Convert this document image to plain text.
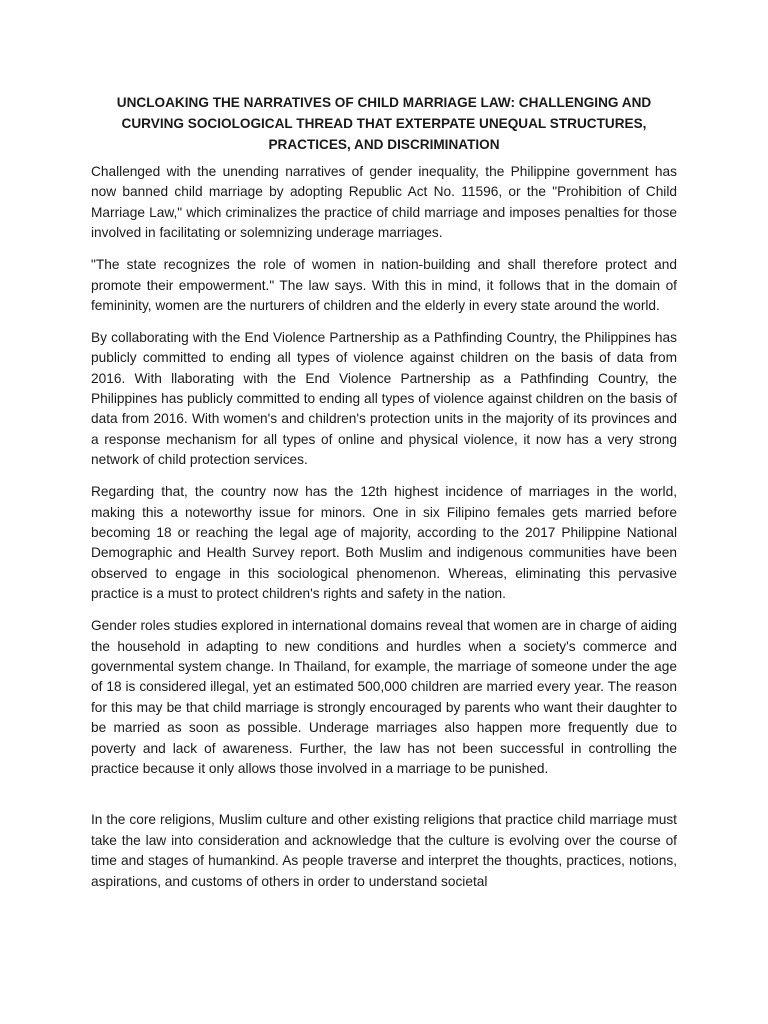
UNCLOAKING THE NARRATIVES OF CHILD MARRIAGE LAW: CHALLENGING AND CURVING SOCIOLOGICAL THREAD THAT EXTERPATE UNEQUAL STRUCTURES, PRACTICES, AND DISCRIMINATION

Challenged with the unending narratives of gender inequality, the Philippine government has now banned child marriage by adopting Republic Act No. 11596, or the "Prohibition of Child Marriage Law," which criminalizes the practice of child marriage and imposes penalties for those involved in facilitating or solemnizing underage marriages.

"The state recognizes the role of women in nation-building and shall therefore protect and promote their empowerment." The law says. With this in mind, it follows that in the domain of femininity, women are the nurturers of children and the elderly in every state around the world.

By collaborating with the End Violence Partnership as a Pathfinding Country, the Philippines has publicly committed to ending all types of violence against children on the basis of data from 2016. With llaborating with the End Violence Partnership as a Pathfinding Country, the Philippines has publicly committed to ending all types of violence against children on the basis of data from 2016. With women's and children's protection units in the majority of its provinces and a response mechanism for all types of online and physical violence, it now has a very strong network of child protection services.

Regarding that, the country now has the 12th highest incidence of marriages in the world, making this a noteworthy issue for minors. One in six Filipino females gets married before becoming 18 or reaching the legal age of majority, according to the 2017 Philippine National Demographic and Health Survey report. Both Muslim and indigenous communities have been observed to engage in this sociological phenomenon. Whereas, eliminating this pervasive practice is a must to protect children's rights and safety in the nation.

Gender roles studies explored in international domains reveal that women are in charge of aiding the household in adapting to new conditions and hurdles when a society's commerce and governmental system change. In Thailand, for example, the marriage of someone under the age of 18 is considered illegal, yet an estimated 500,000 children are married every year. The reason for this may be that child marriage is strongly encouraged by parents who want their daughter to be married as soon as possible. Underage marriages also happen more frequently due to poverty and lack of awareness. Further, the law has not been successful in controlling the practice because it only allows those involved in a marriage to be punished.

In the core religions, Muslim culture and other existing religions that practice child marriage must take the law into consideration and acknowledge that the culture is evolving over the course of time and stages of humankind. As people traverse and interpret the thoughts, practices, notions, aspirations, and customs of others in order to understand societal
